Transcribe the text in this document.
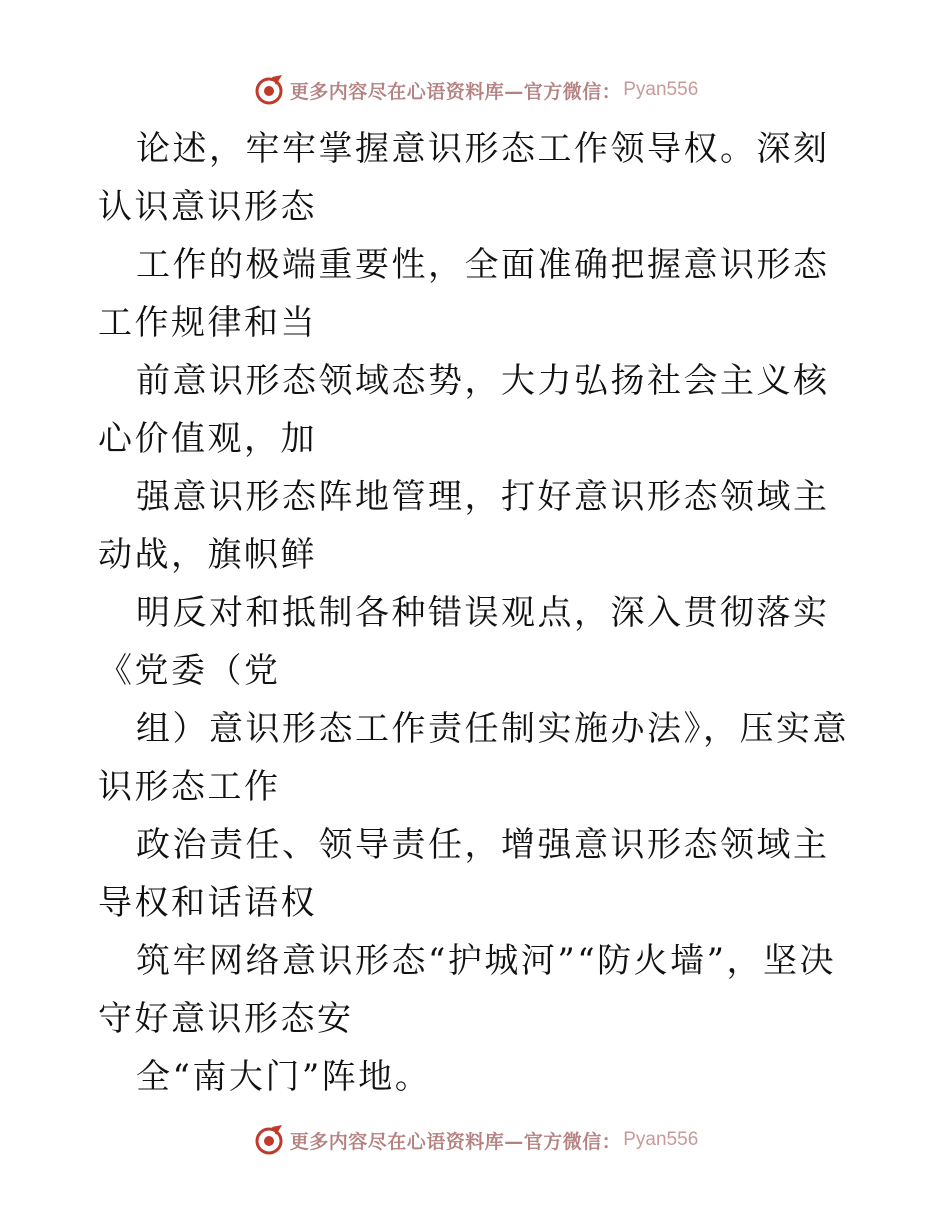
更多内容尽在心语资料库—官方微信： Pyan556

论述，牢牢掌握意识形态工作领导权。深刻认识意识形态

工作的极端重要性，全面准确把握意识形态工作规律和当

前意识形态领域态势，大力弘扬社会主义核心价值观，加

强意识形态阵地管理，打好意识形态领域主动战，旗帜鲜

明反对和抵制各种错误观点，深入贯彻落实《党委（党

组）意识形态工作责任制实施办法》，压实意识形态工作

政治责任、领导责任，增强意识形态领域主导权和话语权

筑牢网络意识形态“护城河”“防火墙”，坚决守好意识形态安

全“南大门”阵地。

更多内容尽在心语资料库—官方微信： Pyan556
